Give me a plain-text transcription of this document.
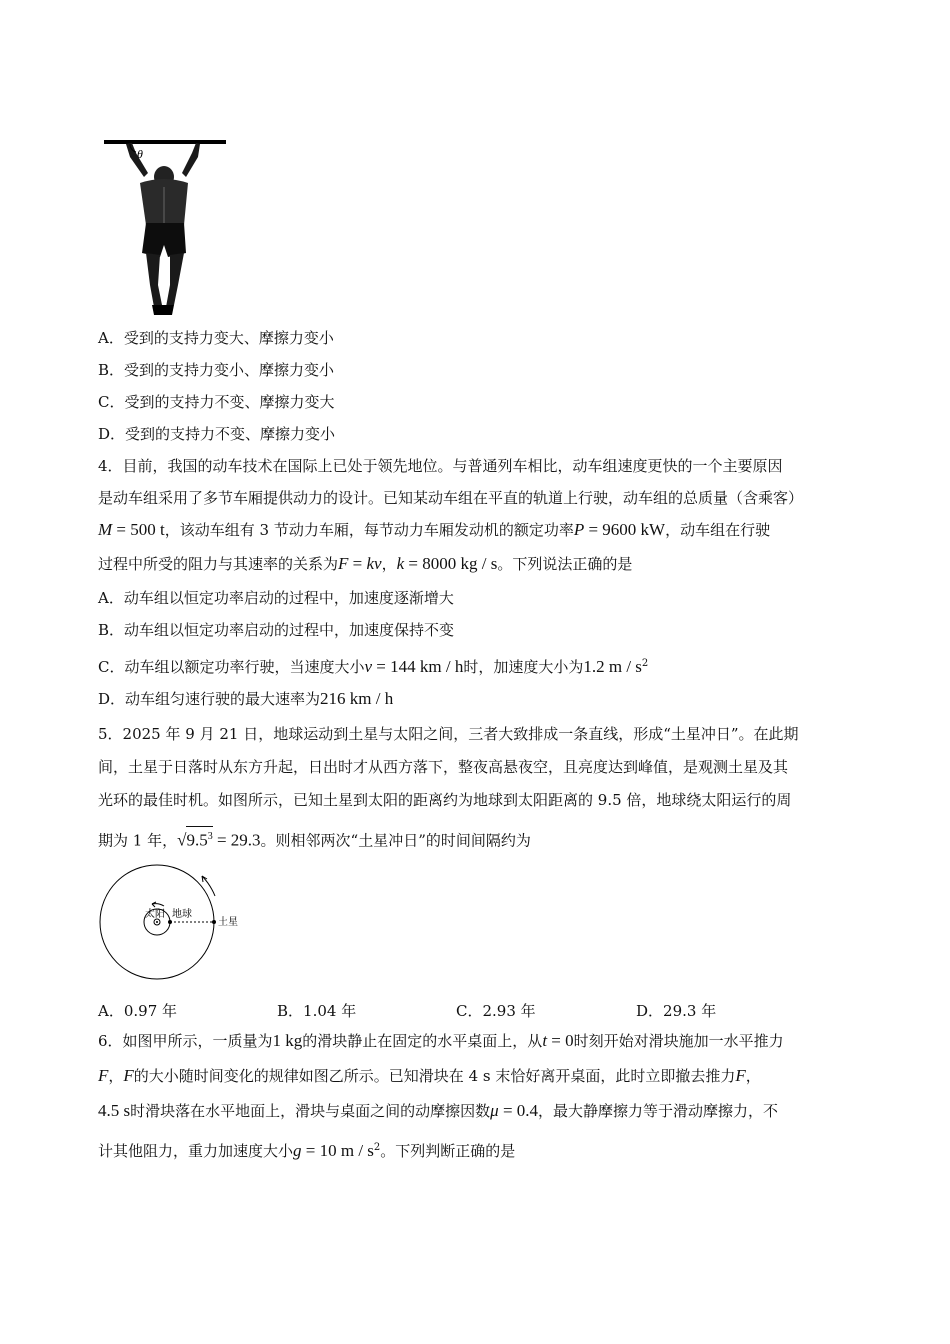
θ
A．受到的支持力变大、摩擦力变小
B．受到的支持力变小、摩擦力变小
C．受到的支持力不变、摩擦力变大
D．受到的支持力不变、摩擦力变小
4．目前，我国的动车技术在国际上已处于领先地位。与普通列车相比，动车组速度更快的一个主要原因
是动车组采用了多节车厢提供动力的设计。已知某动车组在平直的轨道上行驶，动车组的总质量（含乘客）
M = 500 t，该动车组有 3 节动力车厢，每节动力车厢发动机的额定功率P = 9600 kW，动车组在行驶
过程中所受的阻力与其速率的关系为F = kv，k = 8000 kg / s。下列说法正确的是
A．动车组以恒定功率启动的过程中，加速度逐渐增大
B．动车组以恒定功率启动的过程中，加速度保持不变
C．动车组以额定功率行驶，当速度大小v = 144 km / h时，加速度大小为1.2 m / $s^2$
D．动车组匀速行驶的最大速率为216 km / h
5．2025 年 9 月 21 日，地球运动到土星与太阳之间，三者大致排成一条直线，形成“土星冲日”。在此期
间，土星于日落时从东方升起，日出时才从西方落下，整夜高悬夜空，且亮度达到峰值，是观测土星及其
光环的最佳时机。如图所示，已知土星到太阳的距离约为地球到太阳距离的 9.5 倍，地球绕太阳运行的周
期为 1 年，$√9.5^3 = 29.3$。则相邻两次“土星冲日”的时间间隔约为
太阳 地球
土星
A．0.97 年	B．1.04 年	C．2.93 年	D．29.3 年
6．如图甲所示，一质量为1 kg的滑块静止在固定的水平桌面上，从t = 0时刻开始对滑块施加一水平推力
F，F的大小随时间变化的规律如图乙所示。已知滑块在 4 s 末恰好离开桌面，此时立即撤去推力F，
4.5 s时滑块落在水平地面上，滑块与桌面之间的动摩擦因数μ = 0.4，最大静摩擦力等于滑动摩擦力，不
计其他阻力，重力加速度大小g = 10 m / $s^2$。下列判断正确的是
